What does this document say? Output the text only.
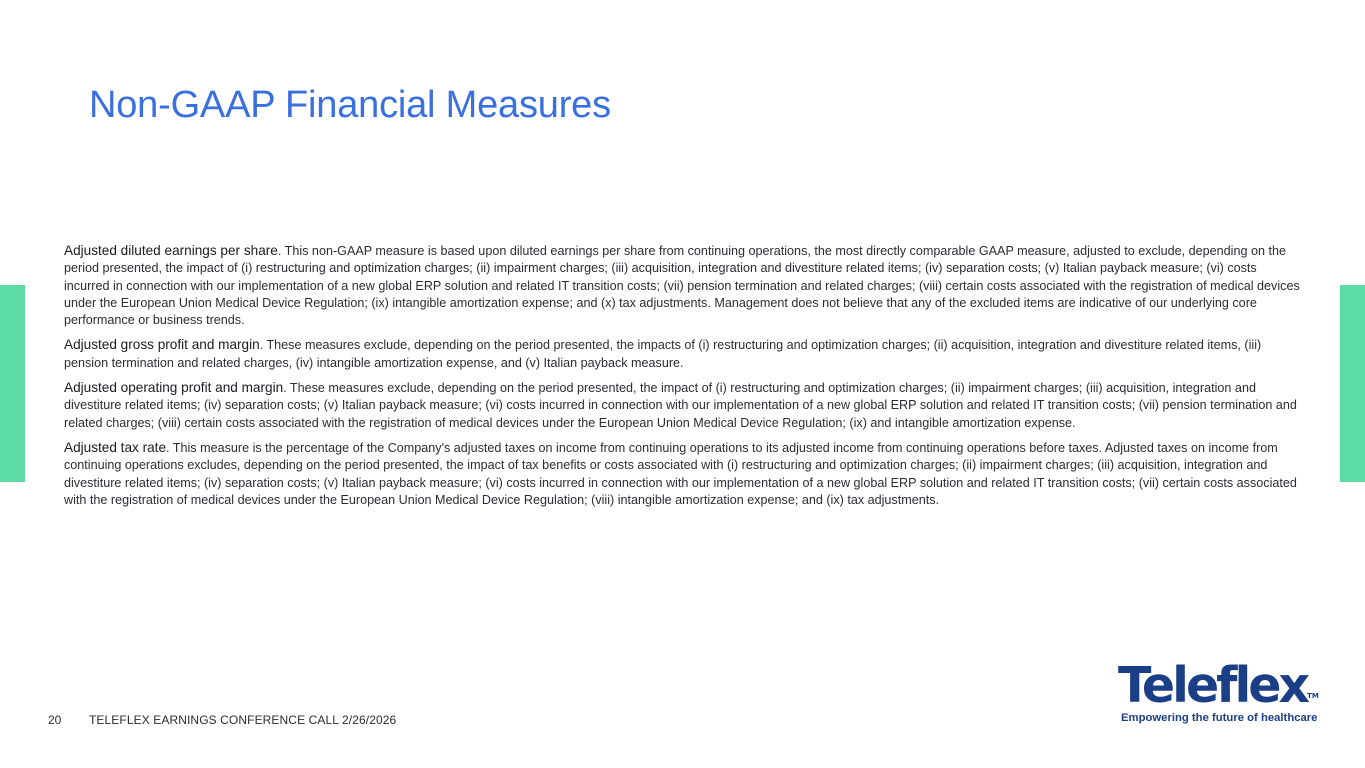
Non-GAAP Financial Measures

Adjusted diluted earnings per share. This non-GAAP measure is based upon diluted earnings per share from continuing operations, the most directly comparable GAAP measure, adjusted to exclude, depending on the period presented, the impact of (i) restructuring and optimization charges; (ii) impairment charges; (iii) acquisition, integration and divestiture related items; (iv) separation costs; (v) Italian payback measure; (vi) costs incurred in connection with our implementation of a new global ERP solution and related IT transition costs; (vii) pension termination and related charges; (viii) certain costs associated with the registration of medical devices under the European Union Medical Device Regulation; (ix) intangible amortization expense; and (x) tax adjustments. Management does not believe that any of the excluded items are indicative of our underlying core performance or business trends.

Adjusted gross profit and margin. These measures exclude, depending on the period presented, the impacts of (i) restructuring and optimization charges; (ii) acquisition, integration and divestiture related items, (iii) pension termination and related charges, (iv) intangible amortization expense, and (v) Italian payback measure.

Adjusted operating profit and margin. These measures exclude, depending on the period presented, the impact of (i) restructuring and optimization charges; (ii) impairment charges; (iii) acquisition, integration and divestiture related items; (iv) separation costs; (v) Italian payback measure; (vi) costs incurred in connection with our implementation of a new global ERP solution and related IT transition costs; (vii) pension termination and related charges; (viii) certain costs associated with the registration of medical devices under the European Union Medical Device Regulation; (ix) and intangible amortization expense.

Adjusted tax rate. This measure is the percentage of the Company's adjusted taxes on income from continuing operations to its adjusted income from continuing operations before taxes. Adjusted taxes on income from continuing operations excludes, depending on the period presented, the impact of tax benefits or costs associated with (i) restructuring and optimization charges; (ii) impairment charges; (iii) acquisition, integration and divestiture related items; (iv) separation costs; (v) Italian payback measure; (vi) costs incurred in connection with our implementation of a new global ERP solution and related IT transition costs; (vii) certain costs associated with the registration of medical devices under the European Union Medical Device Regulation; (viii) intangible amortization expense; and (ix) tax adjustments.

20 TELEFLEX EARNINGS CONFERENCE CALL 2/26/2026
Teleflex™
Empowering the future of healthcare
